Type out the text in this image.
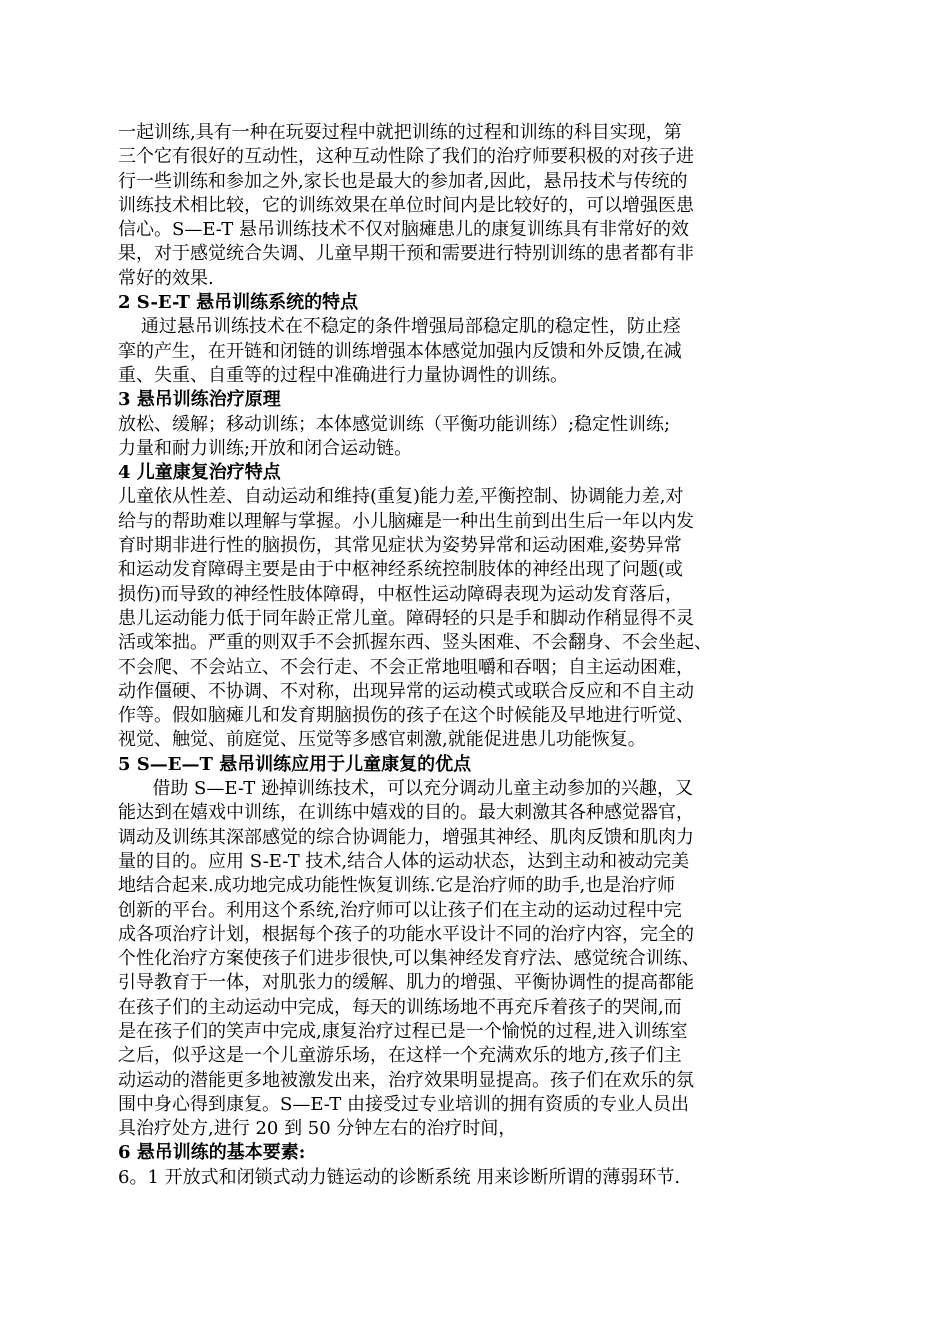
一起训练,具有一种在玩耍过程中就把训练的过程和训练的科目实现，第
三个它有很好的互动性，这种互动性除了我们的治疗师要积极的对孩子进
行一些训练和参加之外,家长也是最大的参加者,因此，悬吊技术与传统的
训练技术相比较，它的训练效果在单位时间内是比较好的，可以增强医患
信心。S—E-T 悬吊训练技术不仅对脑瘫患儿的康复训练具有非常好的效
果，对于感觉统合失调、儿童早期干预和需要进行特别训练的患者都有非
常好的效果.
2 S-E-T 悬吊训练系统的特点
通过悬吊训练技术在不稳定的条件增强局部稳定肌的稳定性，防止痉
挛的产生，在开链和闭链的训练增强本体感觉加强内反馈和外反馈,在减
重、失重、自重等的过程中准确进行力量协调性的训练。
3 悬吊训练治疗原理
放松、缓解；移动训练；本体感觉训练（平衡功能训练）;稳定性训练;
力量和耐力训练;开放和闭合运动链。
4 儿童康复治疗特点
儿童依从性差、自动运动和维持(重复)能力差,平衡控制、协调能力差,对
给与的帮助难以理解与掌握。小儿脑瘫是一种出生前到出生后一年以内发
育时期非进行性的脑损伤，其常见症状为姿势异常和运动困难,姿势异常
和运动发育障碍主要是由于中枢神经系统控制肢体的神经出现了问题(或
损伤)而导致的神经性肢体障碍，中枢性运动障碍表现为运动发育落后，
患儿运动能力低于同年龄正常儿童。障碍轻的只是手和脚动作稍显得不灵
活或笨拙。严重的则双手不会抓握东西、竖头困难、不会翻身、不会坐起、
不会爬、不会站立、不会行走、不会正常地咀嚼和吞咽；自主运动困难，
动作僵硬、不协调、不对称，出现异常的运动模式或联合反应和不自主动
作等。假如脑瘫儿和发育期脑损伤的孩子在这个时候能及早地进行听觉、
视觉、触觉、前庭觉、压觉等多感官刺激,就能促进患儿功能恢复。
5 S—E—T 悬吊训练应用于儿童康复的优点
借助 S—E-T 逊掉训练技术，可以充分调动儿童主动参加的兴趣，又
能达到在嬉戏中训练，在训练中嬉戏的目的。最大刺激其各种感觉器官，
调动及训练其深部感觉的综合协调能力，增强其神经、肌肉反馈和肌肉力
量的目的。应用 S-E-T 技术,结合人体的运动状态，达到主动和被动完美
地结合起来.成功地完成功能性恢复训练.它是治疗师的助手,也是治疗师
创新的平台。利用这个系统,治疗师可以让孩子们在主动的运动过程中完
成各项治疗计划，根据每个孩子的功能水平设计不同的治疗内容，完全的
个性化治疗方案使孩子们进步很快,可以集神经发育疗法、感觉统合训练、
引导教育于一体，对肌张力的缓解、肌力的增强、平衡协调性的提高都能
在孩子们的主动运动中完成，每天的训练场地不再充斥着孩子的哭闹,而
是在孩子们的笑声中完成,康复治疗过程已是一个愉悦的过程,进入训练室
之后，似乎这是一个儿童游乐场，在这样一个充满欢乐的地方,孩子们主
动运动的潜能更多地被激发出来，治疗效果明显提高。孩子们在欢乐的氛
围中身心得到康复。S—E-T 由接受过专业培训的拥有资质的专业人员出
具治疗处方,进行 20 到 50 分钟左右的治疗时间，
6 悬吊训练的基本要素:
6。1 开放式和闭锁式动力链运动的诊断系统 用来诊断所谓的薄弱环节.
